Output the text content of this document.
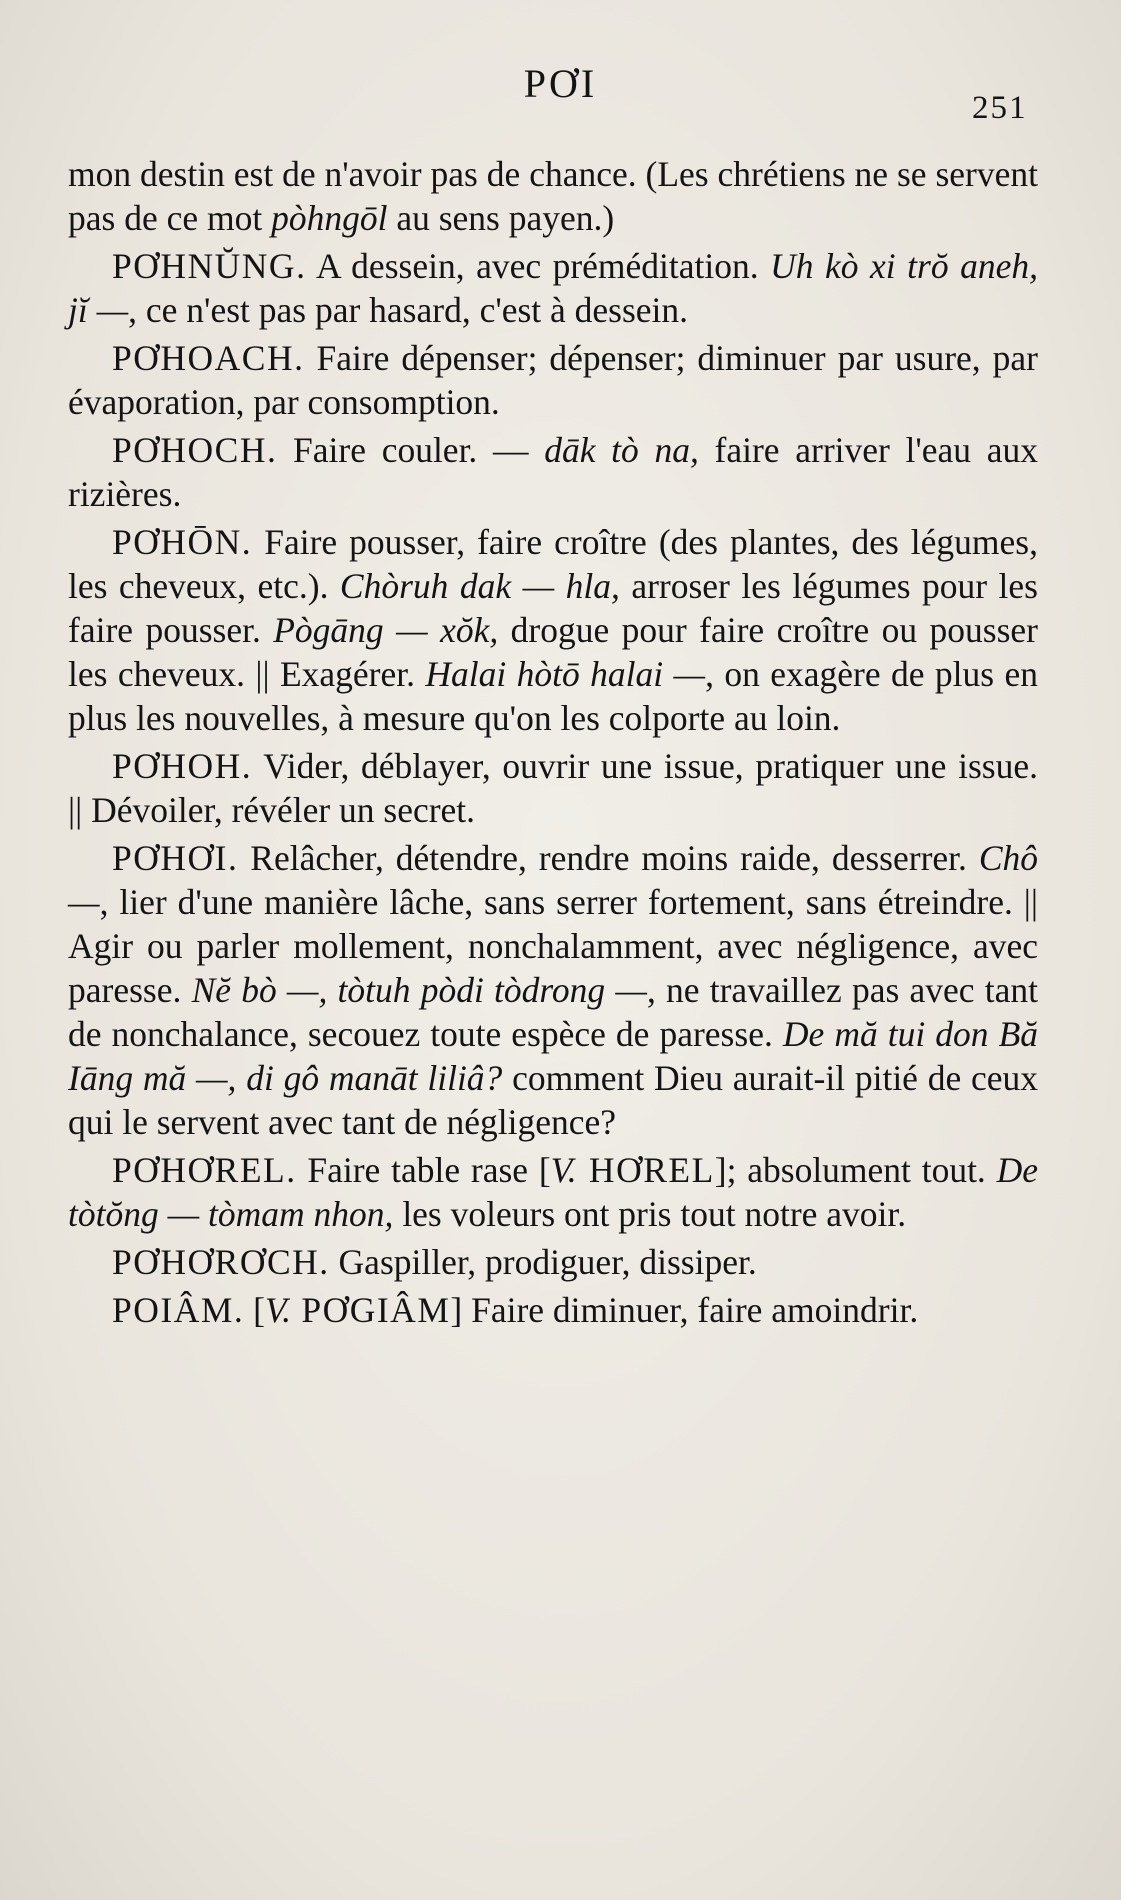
PƠI
251

mon destin est de n'avoir pas de chance. (Les chrétiens ne se servent pas de ce mot pòhngōl au sens payen.)

PƠHNŬNG. A dessein, avec préméditation. Uh kò xi trŏ aneh, jĭ —, ce n'est pas par hasard, c'est à dessein.

PƠHOACH. Faire dépenser; dépenser; diminuer par usure, par évaporation, par consomption.

PƠHOCH. Faire couler. — dāk tò na, faire arriver l'eau aux rizières.

PƠHŌN. Faire pousser, faire croître (des plantes, des légumes, les cheveux, etc.). Chòruh dak — hla, arroser les légumes pour les faire pousser. Pògāng — xŏk, drogue pour faire croître ou pousser les cheveux. || Exagérer. Halai hòtō halai —, on exagère de plus en plus les nouvelles, à mesure qu'on les colporte au loin.

PƠHOH. Vider, déblayer, ouvrir une issue, pratiquer une issue. || Dévoiler, révéler un secret.

PƠHƠI. Relâcher, détendre, rendre moins raide, desserrer. Chô —, lier d'une manière lâche, sans serrer fortement, sans étreindre. || Agir ou parler mollement, nonchalamment, avec négligence, avec paresse. Nĕ bò —, tòtuh pòdi tòdrong —, ne travaillez pas avec tant de nonchalance, secouez toute espèce de paresse. De mă tui don Bă Iāng mă —, di gô manāt liliâ? comment Dieu aurait-il pitié de ceux qui le servent avec tant de négligence?

PƠHƠREL. Faire table rase [V. HƠREL]; absolument tout. De tòtŏng — tòmam nhon, les voleurs ont pris tout notre avoir.

PƠHƠRƠCH. Gaspiller, prodiguer, dissiper.

POIÂM. [V. PƠGIÂM] Faire diminuer, faire amoindrir.
